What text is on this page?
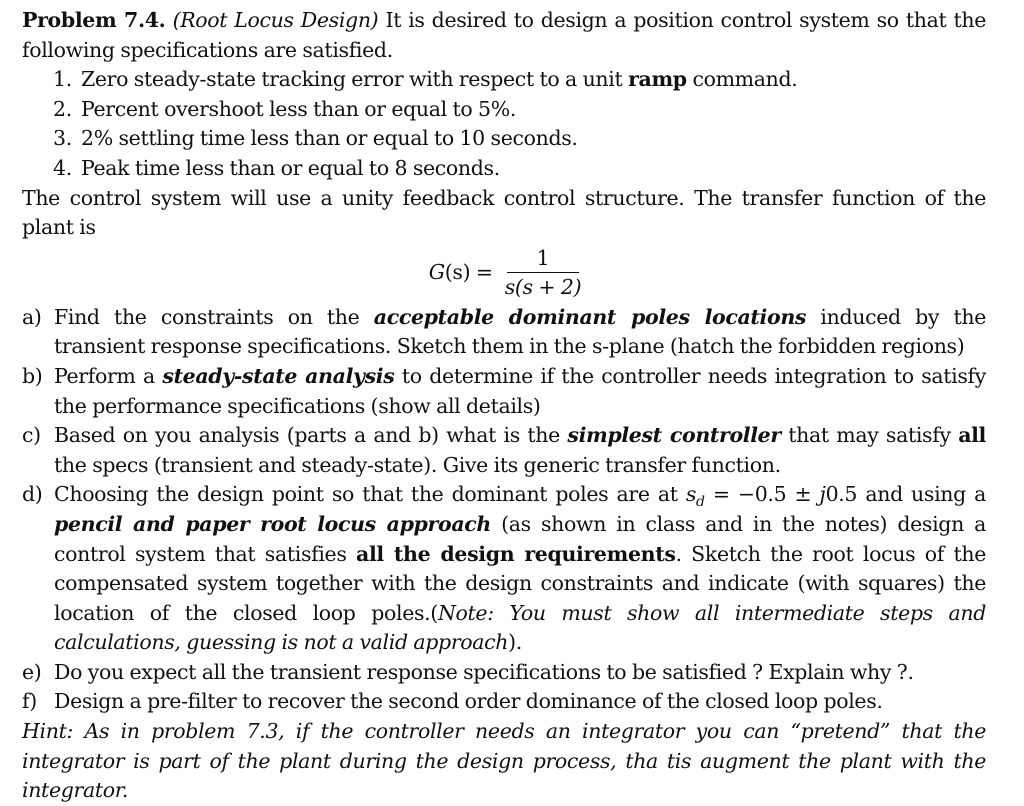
Problem 7.4. (Root Locus Design) It is desired to design a position control system so that the following specifications are satisfied.

1. Zero steady-state tracking error with respect to a unit ramp command.
2. Percent overshoot less than or equal to 5%.
3. 2% settling time less than or equal to 10 seconds.
4. Peak time less than or equal to 8 seconds.

The control system will use a unity feedback control structure. The transfer function of the plant is

$G(s) = \frac{1}{s(s + 2)}$
a) Find the constraints on the acceptable dominant poles locations induced by the transient response specifications. Sketch them in the s-plane (hatch the forbidden regions)
b) Perform a steady-state analysis to determine if the controller needs integration to satisfy the performance specifications (show all details)
c) Based on you analysis (parts a and b) what is the simplest controller that may satisfy all the specs (transient and steady-state). Give its generic transfer function.
d) Choosing the design point so that the dominant poles are at $s_d = -0.5 \pm j0.5$ and using a pencil and paper root locus approach (as shown in class and in the notes) design a control system that satisfies all the design requirements. Sketch the root locus of the compensated system together with the design constraints and indicate (with squares) the location of the closed loop poles.(Note: You must show all intermediate steps and calculations, guessing is not a valid approach).
e) Do you expect all the transient response specifications to be satisfied ? Explain why ?.
f) Design a pre-filter to recover the second order dominance of the closed loop poles.

Hint: As in problem 7.3, if the controller needs an integrator you can “pretend” that the integrator is part of the plant during the design process, tha tis augment the plant with the integrator.
